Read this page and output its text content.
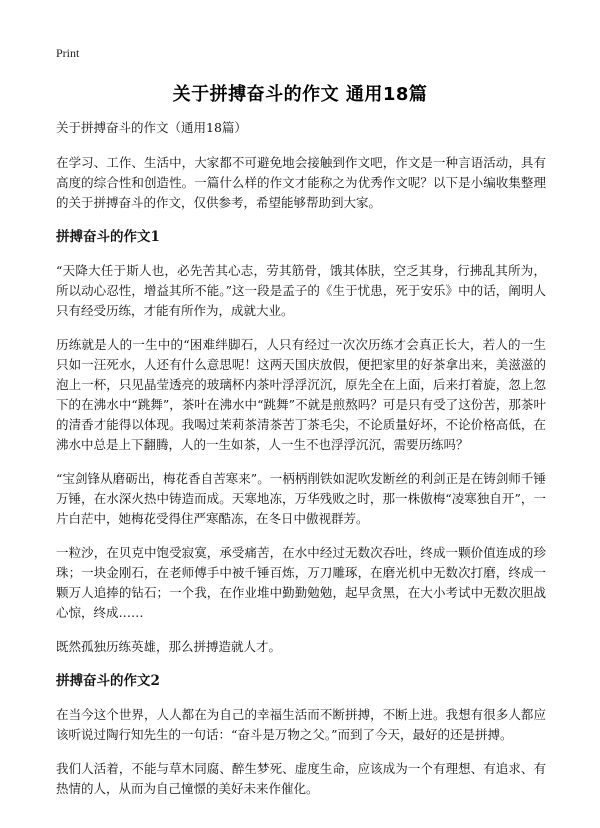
Print
关于拼搏奋斗的作文 通用18篇

关于拼搏奋斗的作文（通用18篇）

在学习、工作、生活中，大家都不可避免地会接触到作文吧，作文是一种言语活动，具有高度的综合性和创造性。一篇什么样的作文才能称之为优秀作文呢？以下是小编收集整理的关于拼搏奋斗的作文，仅供参考，希望能够帮助到大家。

拼搏奋斗的作文1

“天降大任于斯人也，必先苦其心志，劳其筋骨，饿其体肤，空乏其身，行拂乱其所为，所以动心忍性，增益其所不能。”这一段是孟子的《生于忧患，死于安乐》中的话，阐明人只有经受历练，才能有所作为，成就大业。

历练就是人的一生中的“困难绊脚石，人只有经过一次次历练才会真正长大，若人的一生只如一汪死水，人还有什么意思呢！这两天国庆放假，便把家里的好茶拿出来，美滋滋的泡上一杯，只见晶莹透亮的玻璃杯内茶叶浮浮沉沉，原先全在上面，后来打着旋，忽上忽下的在沸水中“跳舞”，茶叶在沸水中“跳舞”不就是煎熬吗？可是只有受了这份苦，那茶叶的清香才能得以体现。我喝过茉莉茶清茶苦丁茶毛尖，不论质量好坏，不论价格高低，在沸水中总是上下翻腾，人的一生如茶，人一生不也浮浮沉沉，需要历练吗？

“宝剑锋从磨砺出，梅花香自苦寒来”。一柄柄削铁如泥吹发断丝的利剑正是在铸剑师千锤万锤，在水深火热中铸造而成。天寒地冻，万华残败之时，那一株傲梅“凌寒独自开”，一片白茫中，她梅花受得住严寒酷冻，在冬日中傲视群芳。

一粒沙，在贝克中饱受寂寞，承受痛苦，在水中经过无数次吞吐，终成一颗价值连成的珍珠；一块金刚石，在老师傅手中被千锤百炼，万刀雕琢，在磨光机中无数次打磨，终成一颗万人追捧的钻石；一个我，在作业堆中勤勤勉勉，起早贪黑，在大小考试中无数次胆战心惊，终成……

既然孤独历练英雄，那么拼搏造就人才。

拼搏奋斗的作文2

在当今这个世界，人人都在为自己的幸福生活而不断拼搏，不断上进。我想有很多人都应该听说过陶行知先生的一句话：“奋斗是万物之父。”而到了今天，最好的还是拼搏。

我们人活着，不能与草木同腐、醉生梦死、虚度生命，应该成为一个有理想、有追求、有热情的人，从而为自己憧憬的美好未来作催化。
